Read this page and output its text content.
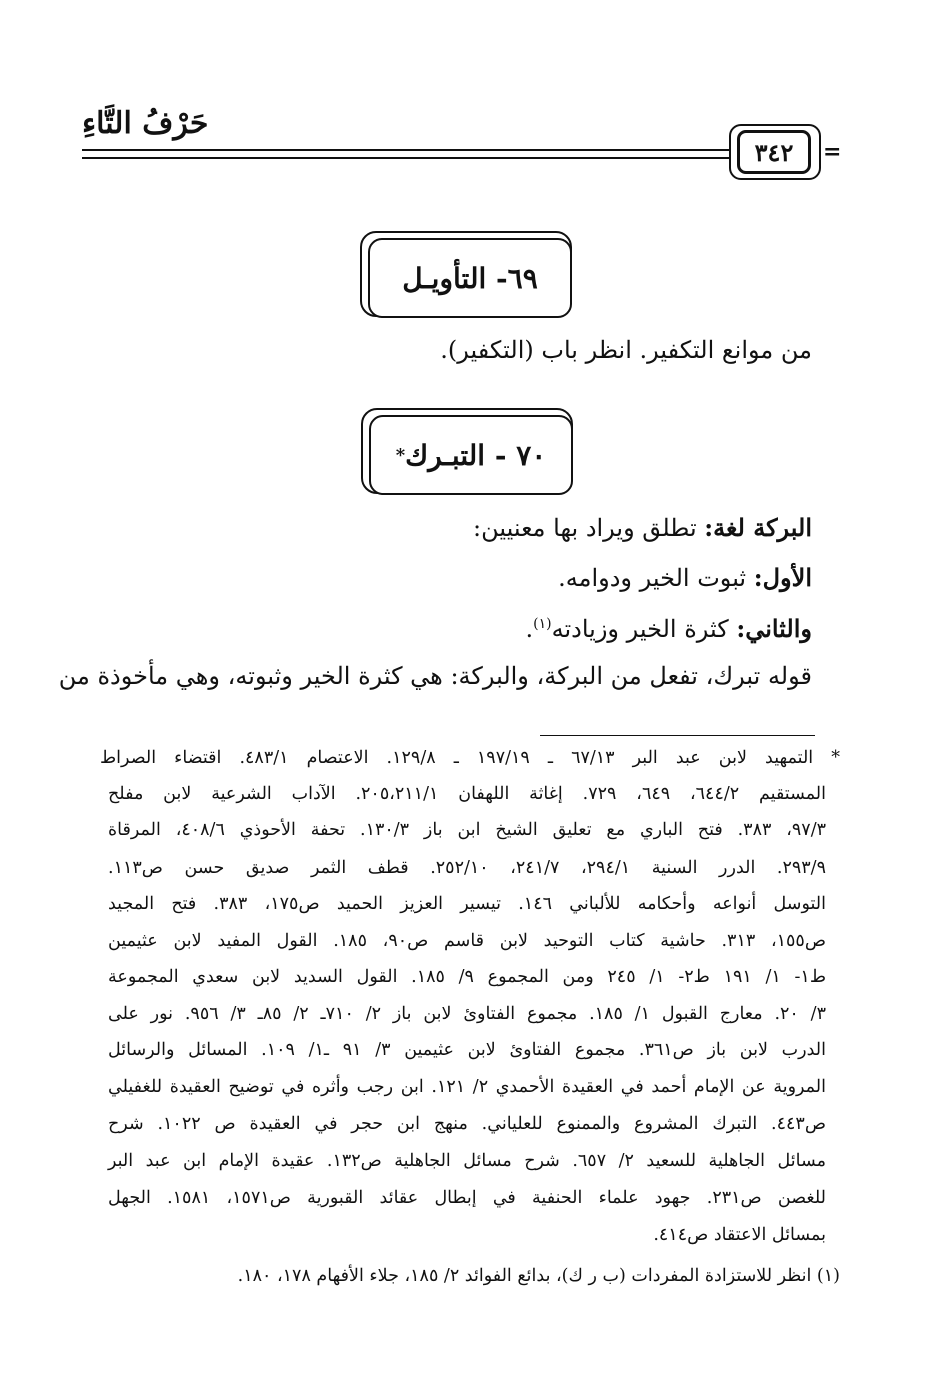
حَرْفُ التَّاءِ
٣٤٢	=
٦٩- التأويـل
من موانع التكفير. انظر باب (التكفير).
٧٠ - التبـرك
*
البركة لغة: تطلق ويراد بها معنيين:
الأول: ثبوت الخير ودوامه.
والثاني: كثرة الخير وزيادته$^{(١)}$.
قوله تبرك، تفعل من البركة، والبركة: هي كثرة الخير وثبوته، وهي مأخوذة من
* التمهيد لابن عبد البر ٦٧/١٣ ـ ١٩٧/١٩ ـ ١٢٩/٨. الاعتصام ٤٨٣/١. اقتضاء الصراط
المستقيم ٦٤٤/٢، ٦٤٩، ٧٢٩. إغاثة اللهفان ٢٠٥،٢١١/١. الآداب الشرعية لابن مفلح
٩٧/٣، ٣٨٣. فتح الباري مع تعليق الشيخ ابن باز ١٣٠/٣. تحفة الأحوذي ٤٠٨/٦، المرقاة
٢٩٣/٩. الدرر السنية ٢٩٤/١، ٢٤١/٧، ٢٥٢/١٠. قطف الثمر صديق حسن ص١١٣.
التوسل أنواعه وأحكامه للألباني ١٤٦. تيسير العزيز الحميد ص١٧٥، ٣٨٣. فتح المجيد
ص١٥٥، ٣١٣. حاشية كتاب التوحيد لابن قاسم ص٩٠، ١٨٥. القول المفيد لابن عثيمين
ط١- ١/ ١٩١ ط٢- ١/ ٢٤٥ ومن المجموع ٩/ ١٨٥. القول السديد لابن سعدي المجموعة
٣/ ٢٠. معارج القبول ١/ ١٨٥. مجموع الفتاوئ لابن باز ٢/ ٧١٠ـ ٢/ ٨٥ـ ٣/ ٩٥٦. نور على
الدرب لابن باز ص٣٦١. مجموع الفتاوئ لابن عثيمين ٣/ ٩١ ـ١/ ١٠٩. المسائل والرسائل
المروية عن الإمام أحمد في العقيدة الأحمدي ٢/ ١٢١. ابن رجب وأثره في توضيح العقيدة للغفيلي
ص٤٤٣. التبرك المشروع والممنوع للعلياني. منهج ابن حجر في العقيدة ص ١٠٢٢. شرح
مسائل الجاهلية للسعيد ٢/ ٦٥٧. شرح مسائل الجاهلية ص١٣٢. عقيدة الإمام ابن عبد البر
للغصن ص٢٣١. جهود علماء الحنفية في إبطال عقائد القبورية ص١٥٧١، ١٥٨١. الجهل
بمسائل الاعتقاد ص٤١٤.
(١) انظر للاستزادة المفردات (ب ر ك)، بدائع الفوائد ٢/ ١٨٥، جلاء الأفهام ١٧٨، ١٨٠.
